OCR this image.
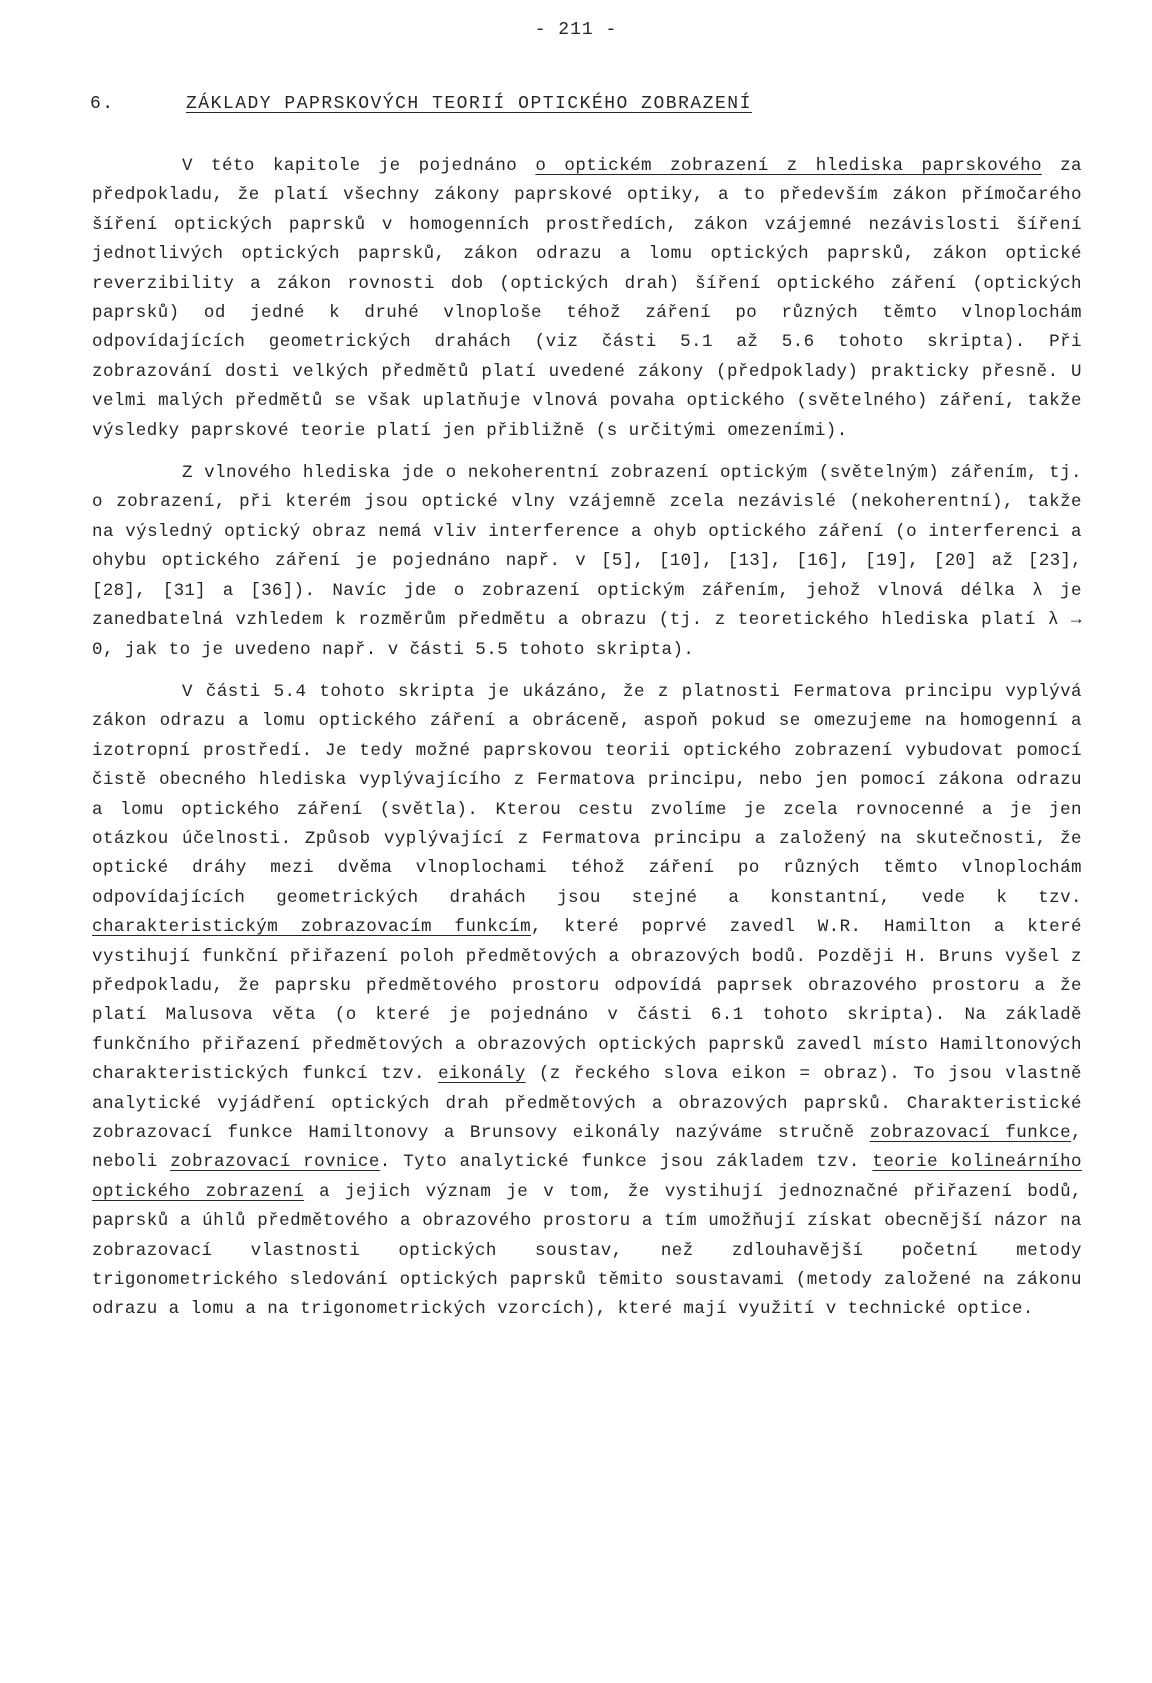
- 211 -
6.	ZÁKLADY PAPRSKOVÝCH TEORIÍ OPTICKÉHO ZOBRAZENÍ

V této kapitole je pojednáno o optickém zobrazení z hlediska paprskového za předpokladu, že platí všechny zákony paprskové optiky, a to především zákon přímočarého šíření optických paprsků v homogenních prostředích, zákon vzájemné nezávislosti šíření jednotlivých optických paprsků, zákon odrazu a lomu optických paprsků, zákon optické reverzibility a zákon rovnosti dob (optických drah) šíření optického záření (optických paprsků) od jedné k druhé vlnoploše téhož záření po různých těmto vlnoplochám odpovídajících geometrických drahách (viz části 5.1 až 5.6 tohoto skripta). Při zobrazování dosti velkých předmětů platí uvedené zákony (předpoklady) prakticky přesně. U velmi malých předmětů se však uplatňuje vlnová povaha optického (světelného) záření, takže výsledky paprskové teorie platí jen přibližně (s určitými omezeními).

Z vlnového hlediska jde o nekoherentní zobrazení optickým (světelným) zářením, tj. o zobrazení, při kterém jsou optické vlny vzájemně zcela nezávislé (nekoherentní), takže na výsledný optický obraz nemá vliv interference a ohyb optického záření (o interferenci a ohybu optického záření je pojednáno např. v [5], [10], [13], [16], [19], [20] až [23], [28], [31] a [36]). Navíc jde o zobrazení optickým zářením, jehož vlnová délka λ je zanedbatelná vzhledem k rozměrům předmětu a obrazu (tj. z teoretického hlediska platí λ → 0, jak to je uvedeno např. v části 5.5 tohoto skripta).

V části 5.4 tohoto skripta je ukázáno, že z platnosti Fermatova principu vyplývá zákon odrazu a lomu optického záření a obráceně, aspoň pokud se omezujeme na homogenní a izotropní prostředí. Je tedy možné paprskovou teorii optického zobrazení vybudovat pomocí čistě obecného hlediska vyplývajícího z Fermatova principu, nebo jen pomocí zákona odrazu a lomu optického záření (světla). Kterou cestu zvolíme je zcela rovnocenné a je jen otázkou účelnosti. Způsob vyplývající z Fermatova principu a založený na skutečnosti, že optické dráhy mezi dvěma vlnoplochami téhož záření po různých těmto vlnoplochám odpovídajících geometrických drahách jsou stejné a konstantní, vede k tzv. charakteristickým zobrazovacím funkcím, které poprvé zavedl W.R. Hamilton a které vystihují funkční přiřazení poloh předmětových a obrazových bodů. Později H. Bruns vyšel z předpokladu, že paprsku předmětového prostoru odpovídá paprsek obrazového prostoru a že platí Malusova věta (o které je pojednáno v části 6.1 tohoto skripta). Na základě funkčního přiřazení předmětových a obrazových optických paprsků zavedl místo Hamiltonových charakteristických funkcí tzv. eikonály (z řeckého slova eikon = obraz). To jsou vlastně analytické vyjádření optických drah předmětových a obrazových paprsků. Charakteristické zobrazovací funkce Hamiltonovy a Brunsovy eikonály nazýváme stručně zobrazovací funkce, neboli zobrazovací rovnice. Tyto analytické funkce jsou základem tzv. teorie kolineárního optického zobrazení a jejich význam je v tom, že vystihují jednoznačné přiřazení bodů, paprsků a úhlů předmětového a obrazového prostoru a tím umožňují získat obecnější názor na zobrazovací vlastnosti optických soustav, než zdlouhavější početní metody trigonometrického sledování optických paprsků těmito soustavami (metody založené na zákonu odrazu a lomu a na trigonometrických vzorcích), které mají využití v technické optice.
